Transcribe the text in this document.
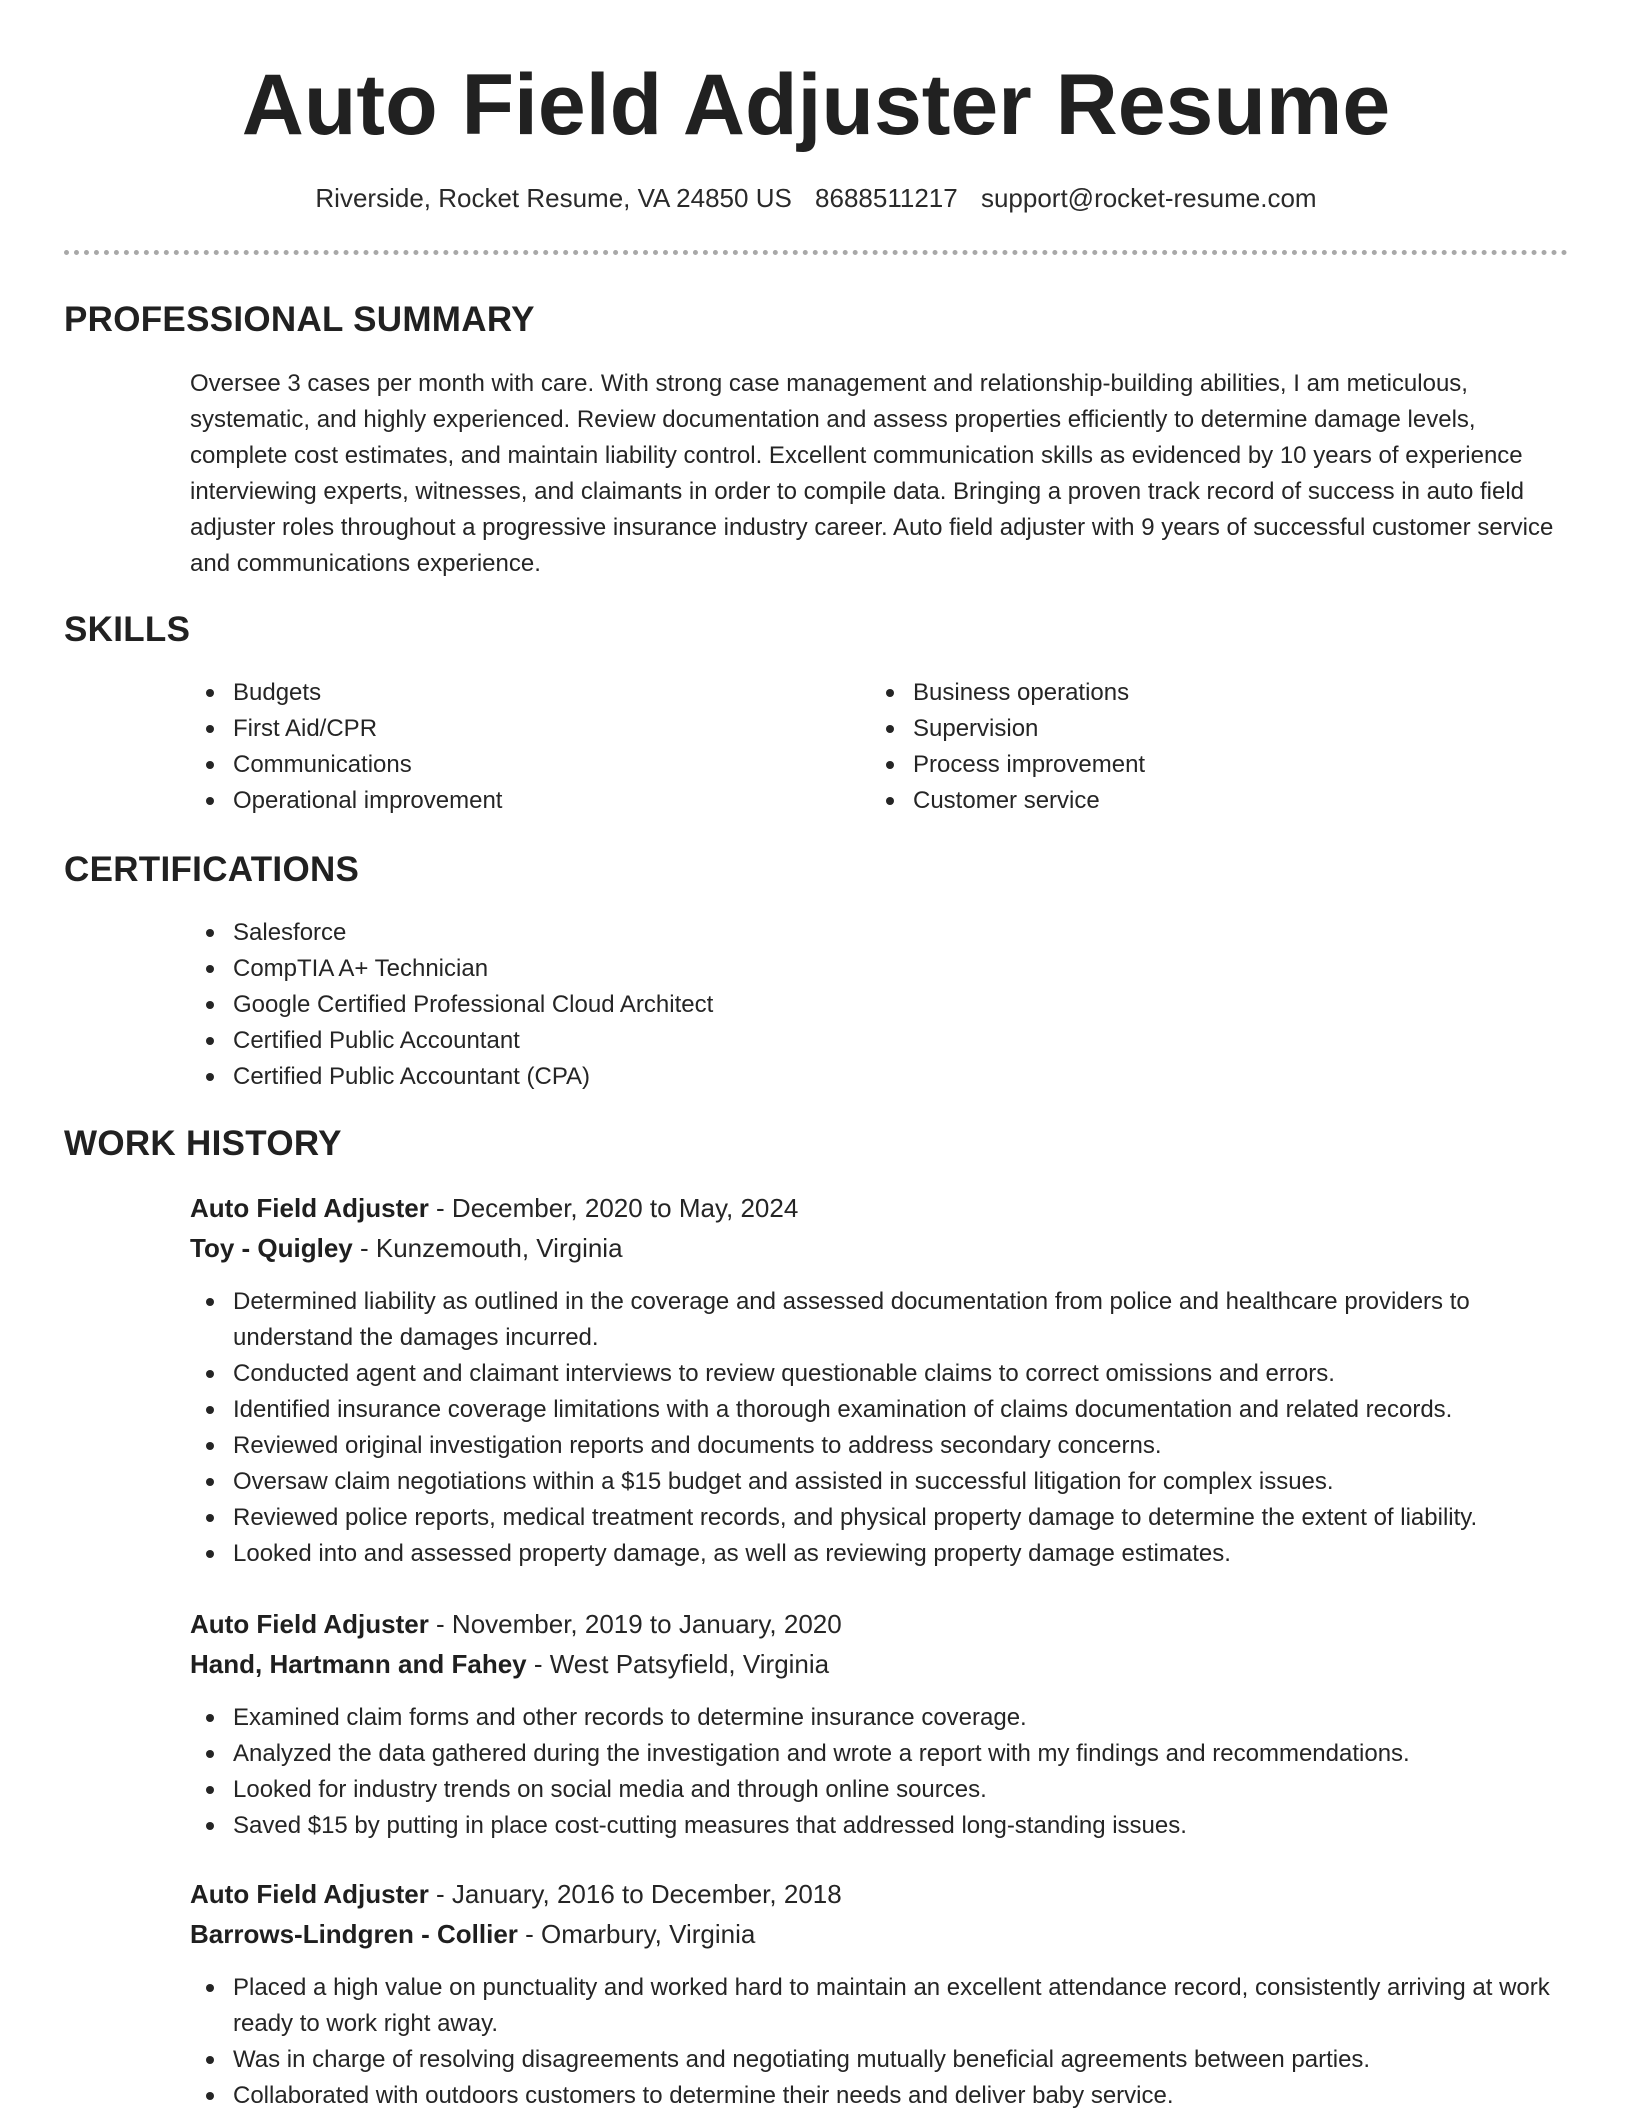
Auto Field Adjuster Resume
Riverside, Rocket Resume, VA 24850 US 8688511217 support@rocket-resume.com
PROFESSIONAL SUMMARY

Oversee 3 cases per month with care. With strong case management and relationship-building abilities, I am meticulous, systematic, and highly experienced. Review documentation and assess properties efficiently to determine damage levels, complete cost estimates, and maintain liability control. Excellent communication skills as evidenced by 10 years of experience interviewing experts, witnesses, and claimants in order to compile data. Bringing a proven track record of success in auto field adjuster roles throughout a progressive insurance industry career. Auto field adjuster with 9 years of successful customer service and communications experience.

SKILLS
Budgets
First Aid/CPR
Communications
Operational improvement
Business operations
Supervision
Process improvement
Customer service
CERTIFICATIONS
Salesforce
CompTIA A+ Technician
Google Certified Professional Cloud Architect
Certified Public Accountant
Certified Public Accountant (CPA)
WORK HISTORY
Auto Field Adjuster - December, 2020 to May, 2024
Toy - Quigley - Kunzemouth, Virginia
Determined liability as outlined in the coverage and assessed documentation from police and healthcare providers to understand the damages incurred.
Conducted agent and claimant interviews to review questionable claims to correct omissions and errors.
Identified insurance coverage limitations with a thorough examination of claims documentation and related records.
Reviewed original investigation reports and documents to address secondary concerns.
Oversaw claim negotiations within a $15 budget and assisted in successful litigation for complex issues.
Reviewed police reports, medical treatment records, and physical property damage to determine the extent of liability.
Looked into and assessed property damage, as well as reviewing property damage estimates.
Auto Field Adjuster - November, 2019 to January, 2020
Hand, Hartmann and Fahey - West Patsyfield, Virginia
Examined claim forms and other records to determine insurance coverage.
Analyzed the data gathered during the investigation and wrote a report with my findings and recommendations.
Looked for industry trends on social media and through online sources.
Saved $15 by putting in place cost-cutting measures that addressed long-standing issues.
Auto Field Adjuster - January, 2016 to December, 2018
Barrows-Lindgren - Collier - Omarbury, Virginia
Placed a high value on punctuality and worked hard to maintain an excellent attendance record, consistently arriving at work ready to work right away.
Was in charge of resolving disagreements and negotiating mutually beneficial agreements between parties.
Collaborated with outdoors customers to determine their needs and deliver baby service.
